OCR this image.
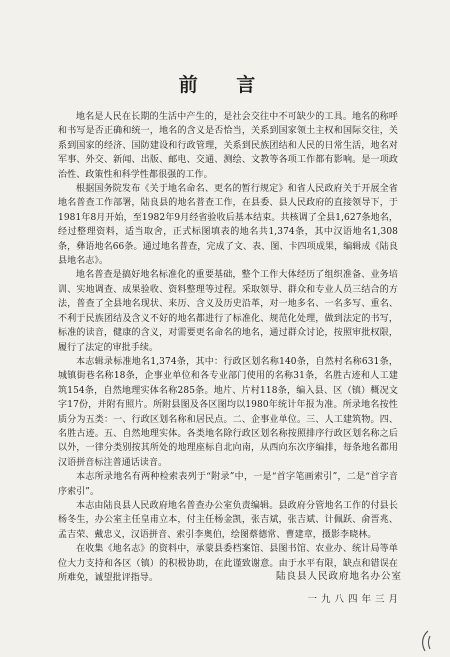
前 言

地名是人民在长期的生活中产生的，是社会交往中不可缺少的工具。地名的称呼和书写是否正确和统一，地名的含义是否恰当，关系到国家领土主权和国际交往，关系到国家的经济、国防建设和行政管理，关系到民族团结和人民的日常生活，地名对军事、外交、新闻、出版、邮电、交通、测绘、文教等各项工作都有影响。是一项政治性、政策性和科学性都很强的工作。

根据国务院发布《关于地名命名、更名的暂行规定》和省人民政府关于开展全省地名普查工作部署，陆良县的地名普查工作，在县委、县人民政府的直接领导下，于1981年8月开始，至1982年9月经省验收后基本结束。共核调了全县1,627条地名，经过整理资料，适当取舍，正式标图填表的地名共1,374条，其中汉语地名1,308条，彝语地名66条。通过地名普查，完成了文、表、图、卡四项成果，编辑成《陆良县地名志》。

地名普查是搞好地名标准化的重要基础，整个工作大体经历了组织准备、业务培训、实地调查、成果验收、资料整理等过程。采取领导、群众和专业人员三结合的方法，普查了全县地名现状、来历、含义及历史沿革，对一地多名、一名多写、重名、不利于民族团结及含义不好的地名都进行了标准化、规范化处理，做到法定的书写，标准的读音，健康的含义，对需要更名命名的地名，通过群众讨论，按照审批权限，履行了法定的审批手续。

本志辑录标准地名1,374条，其中：行政区划名称140条，自然村名称631条，城镇街巷名称18条，企事业单位和各专业部门使用的名称31条，名胜古迹和人工建筑154条，自然地理实体名称285条。地片、片村118条，编入县、区（镇）概况文字17份，并附有照片。所附县图及各区图均以1980年统计年报为准。所录地名按性质分为五类：一、行政区划名称和居民点。二、企事业单位。三、人工建筑物。四、名胜古迹。五、自然地理实体。各类地名除行政区划名称按照排序行政区划名称之后以外，一律分类别按其所处的地理座标自北向南，从西向东次序编排，每条地名都用汉语拼音标注普通话读音。

本志所录地名有两种检索表列于“附录”中，一是“首字笔画索引”，二是“首字音序索引”。

本志由陆良县人民政府地名普查办公室负责编辑。县政府分管地名工作的付县长杨冬生，办公室主任皇甫立本，付主任杨金凯，张吉斌，张吉斌、计佩跃、俞晋兆、孟吉荣、戴忠义，汉语拼音、索引李奥伯，绘图蔡德常、曹建章，摄影李晓林。

在收集《地名志》的资料中，承蒙县委档案馆、县图书馆、农业办、统计局等单位大力支持和各区（镇）的积极协助，在此谨致谢意。由于水平有限，缺点和错误在所难免，诚望批评指导。	陆良县人民政府地名办公室
一九八四年三月
